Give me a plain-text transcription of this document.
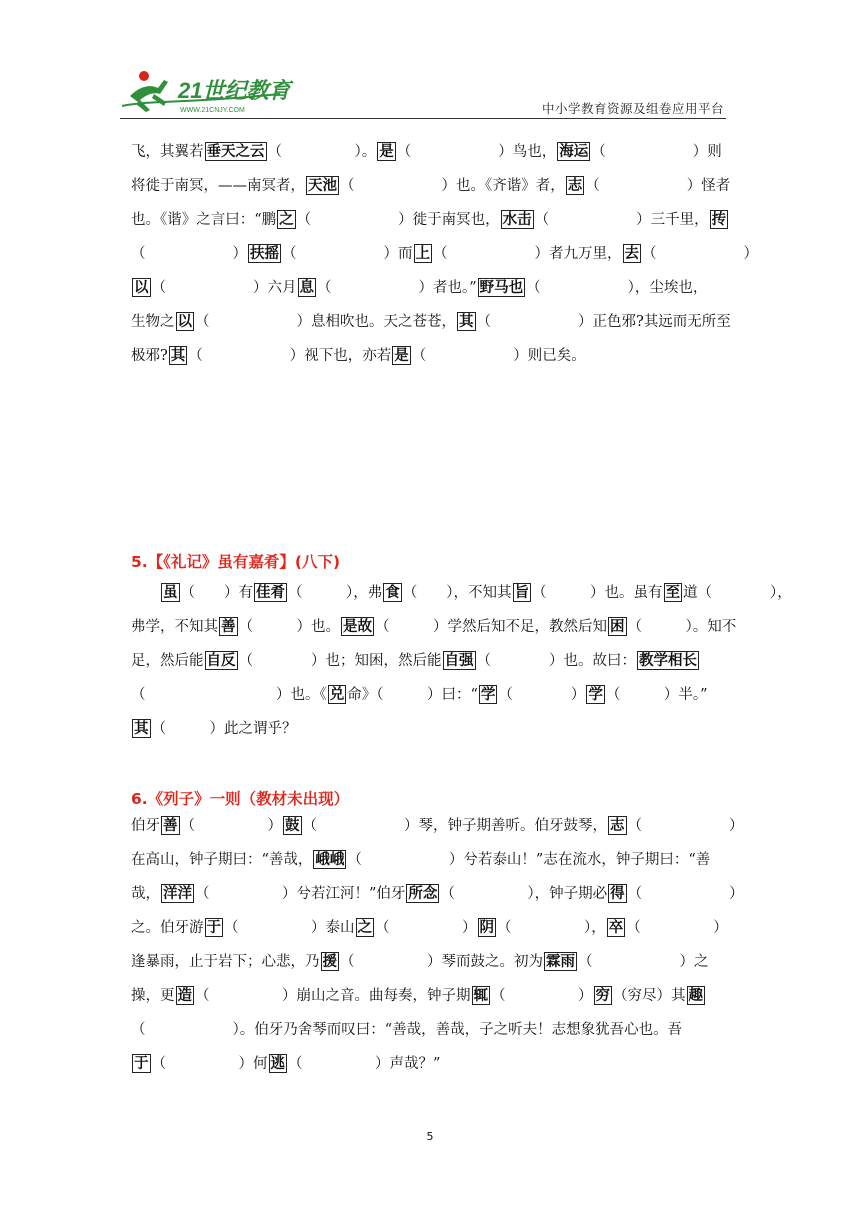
21世纪教育
WWW.21CNJY.COM	中小学教育资源及组卷应用平台
飞，其翼若 垂天之云 （　　　　　）。 是 （　　　　　　）鸟也， 海运 （　　　　　　）则
将徙于南冥，——南冥者， 天池 （　　　　　　）也。《齐谐》者， 志 （　　　　　　）怪者
也。《谐》之言曰：“鹏 之 （　　　　　　）徙于南冥也， 水击 （　　　　　　）三千里， 抟
（　　　　　　） 扶摇 （　　　　　　）而 上 （　　　　　　）者九万里， 去 （　　　　　　）
以 （　　　　　　）六月 息 （　　　　　　）者也。” 野马也 （　　　　　　），尘埃也，
生物之 以 （　　　　　　）息相吹也。天之苍苍， 其 （　　　　　　）正色邪?其远而无所至
极邪? 其 （　　　　　　）视下也，亦若 是 （　　　　　　）则已矣。
5.【《礼记》虽有嘉肴】(八下)
　　虽 （　　）有 佳肴 （　　　），弗 食 （　　），不知其 旨 （　　　）也。虽有 至 道（　　　　），
弗学，不知其 善 （　　　）也。 是故 （　　　）学然后知不足，教然后知 困 （　　　）。知不
足，然后能 自反 （　　　　）也；知困，然后能 自强 （　　　　）也。故曰： 教学相长
（　　　　　　　　　）也。《 兑 命》（　　　）曰：“ 学 （　　　　） 学 （　　　）半。”
其 （　　　）此之谓乎？
6.《列子》一则（教材未出现）
伯牙 善 （　　　　　） 鼓 （　　　　　　）琴，钟子期善听。伯牙鼓琴， 志 （　　　　　　）
在高山，钟子期曰：“善哉， 峨峨 （　　　　　　）兮若泰山！”志在流水，钟子期曰：“善
哉， 洋洋 （　　　　　）兮若江河！”伯牙 所念 （　　　　　），钟子期必 得 （　　　　　　）
之。伯牙游 于 （　　　　　）泰山 之 （　　　　　） 阴 （　　　　　）， 卒 （　　　　　）
逢暴雨，止于岩下；心悲，乃 援 （　　　　　）琴而鼓之。初为 霖雨 （　　　　　　）之
操，更 造 （　　　　　）崩山之音。曲每奏，钟子期 辄 （　　　　　） 穷 （穷尽）其 趣
（　　　　　　）。伯牙乃舍琴而叹曰：“善哉，善哉，子之听夫！志想象犹吾心也。吾
于 （　　　　　）何 逃 （　　　　　）声哉？”
5
